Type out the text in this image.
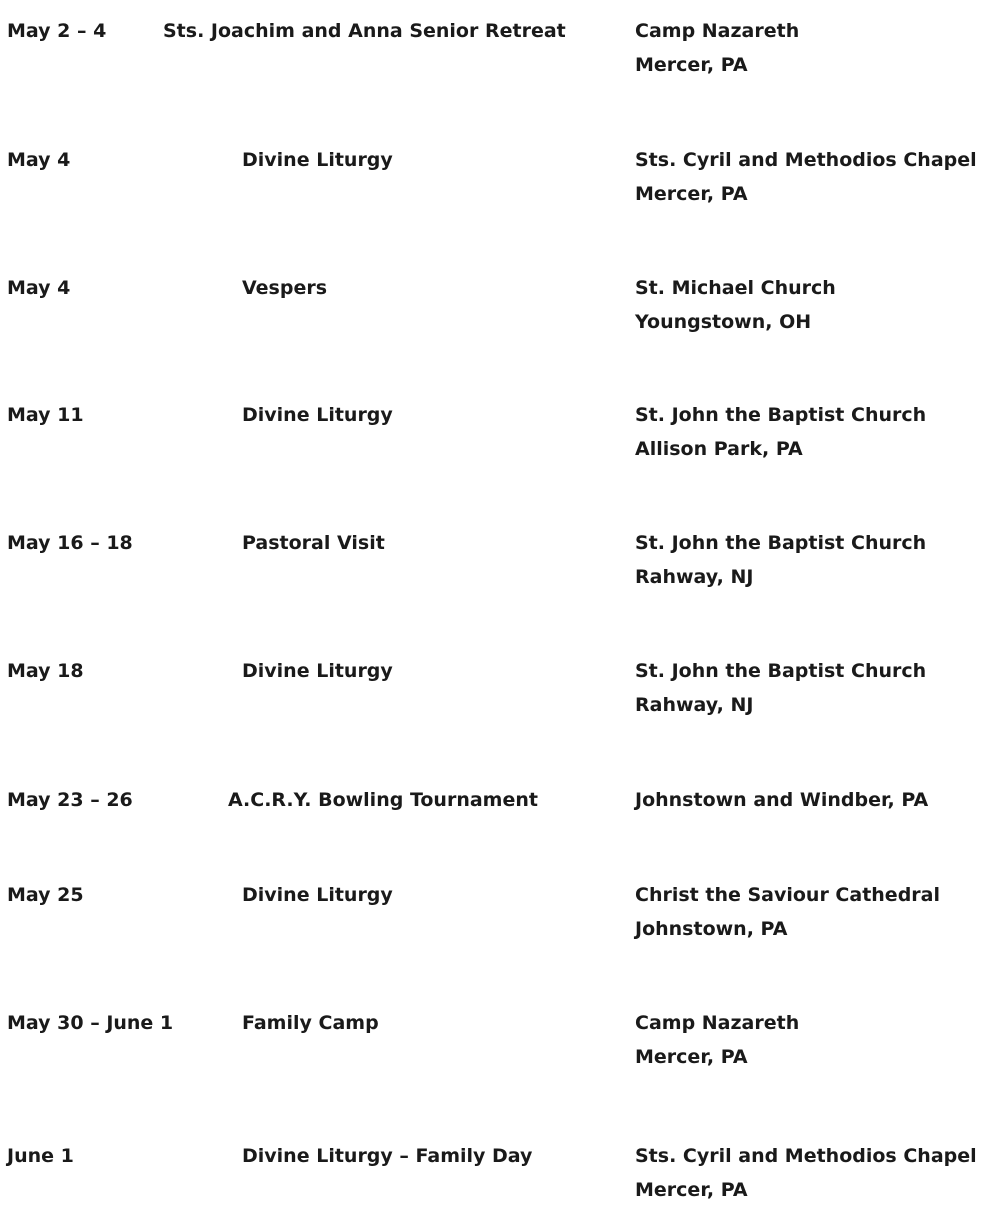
May 2 – 4	Sts. Joachim and Anna Senior Retreat	Camp Nazareth
Mercer, PA
May 4	Divine Liturgy	Sts. Cyril and Methodios Chapel
Mercer, PA
May 4	Vespers	St. Michael Church
Youngstown, OH
May 11	Divine Liturgy	St. John the Baptist Church
Allison Park, PA
May 16 – 18	Pastoral Visit	St. John the Baptist Church
Rahway, NJ
May 18	Divine Liturgy	St. John the Baptist Church
Rahway, NJ
May 23 – 26	A.C.R.Y. Bowling Tournament	Johnstown and Windber, PA
May 25	Divine Liturgy	Christ the Saviour Cathedral
Johnstown, PA
May 30 – June 1	Family Camp	Camp Nazareth
Mercer, PA
June 1	Divine Liturgy – Family Day	Sts. Cyril and Methodios Chapel
Mercer, PA
